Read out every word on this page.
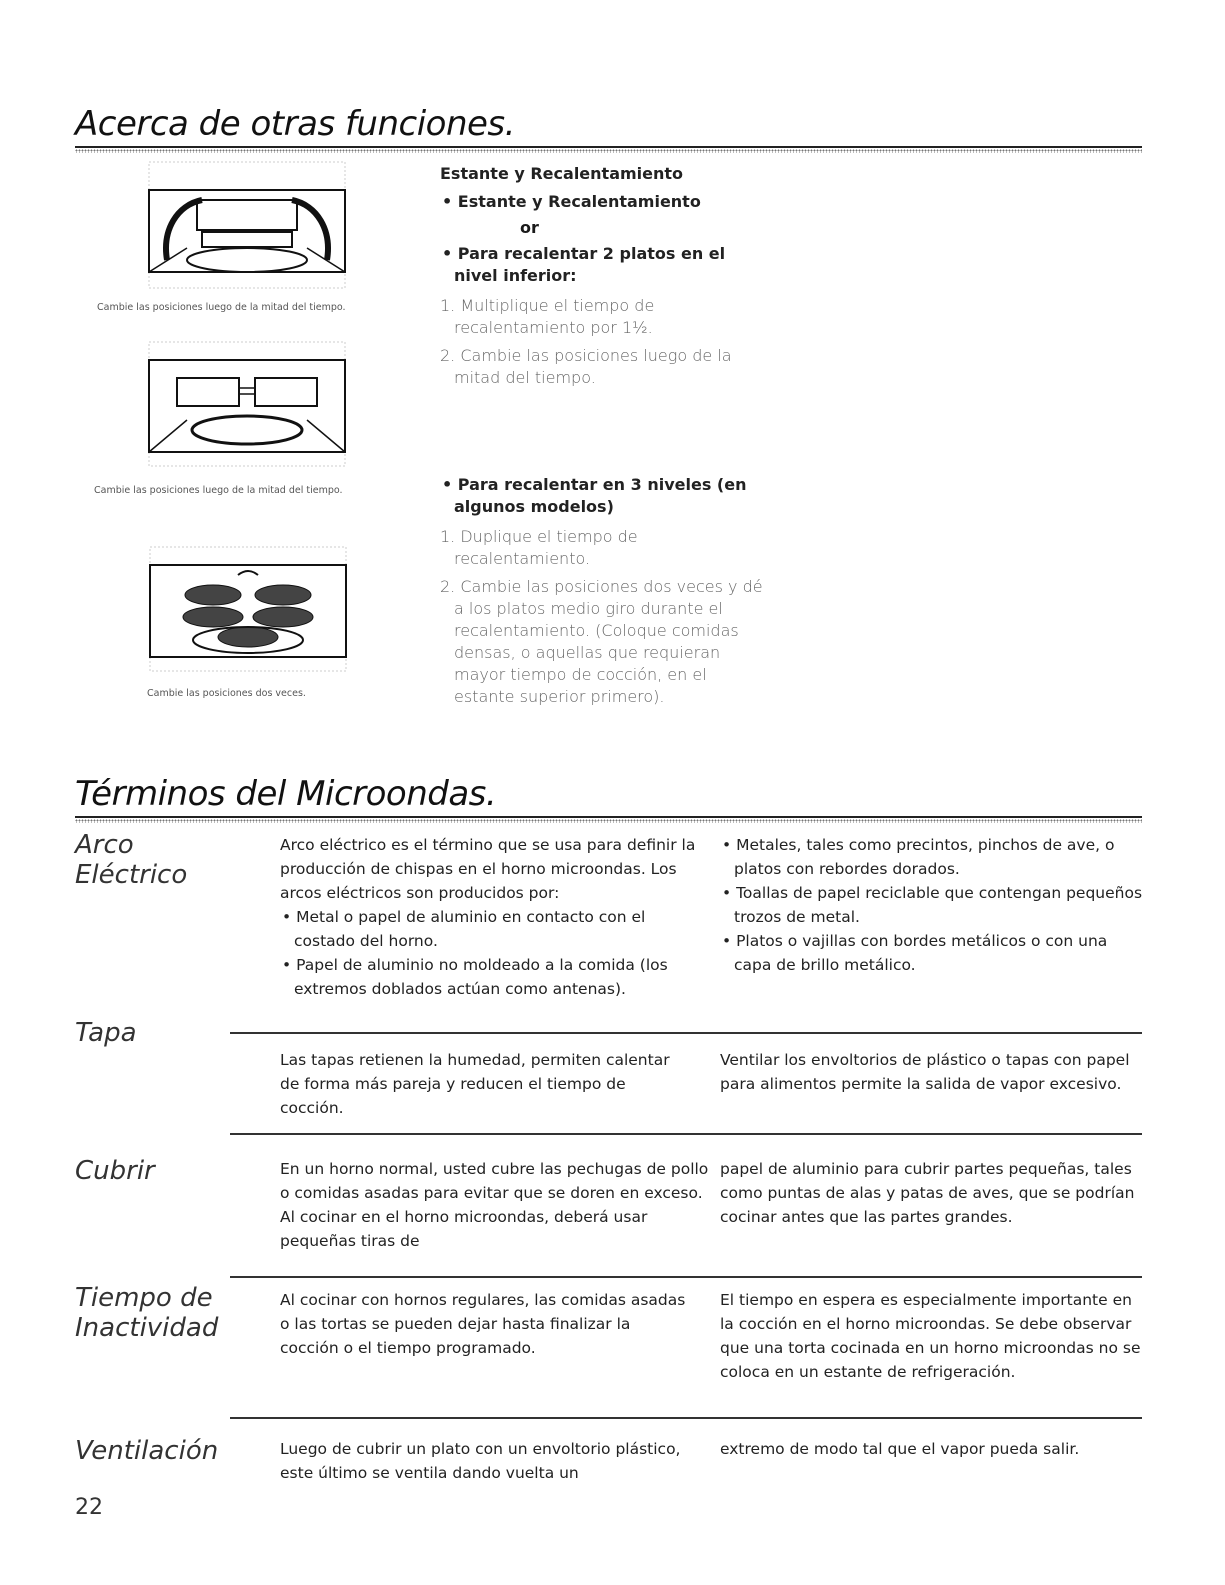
Acerca de otras funciones.
Cambie las posiciones luego de la mitad del tiempo.
Cambie las posiciones luego de la mitad del tiempo.
Cambie las posiciones dos veces.
Estante y Recalentamiento
• Estante y Recalentamiento
or
• Para recalentar 2 platos en el nivel inferior:
1. Multiplique el tiempo de recalentamiento por 1½.
2. Cambie las posiciones luego de la mitad del tiempo.
• Para recalentar en 3 niveles (en algunos modelos)
1. Duplique el tiempo de recalentamiento.
2. Cambie las posiciones dos veces y dé a los platos medio giro durante el recalentamiento. (Coloque comidas densas, o aquellas que requieran mayor tiempo de cocción, en el estante superior primero).
Términos del Microondas.
Arco
Eléctrico
Arco eléctrico es el término que se usa para definir la producción de chispas en el horno microondas. Los arcos eléctricos son producidos por:
• Metal o papel de aluminio en contacto con el costado del horno.
• Papel de aluminio no moldeado a la comida (los extremos doblados actúan como antenas).
• Metales, tales como precintos, pinchos de ave, o platos con rebordes dorados.
• Toallas de papel reciclable que contengan pequeños trozos de metal.
• Platos o vajillas con bordes metálicos o con una capa de brillo metálico.
Tapa
Las tapas retienen la humedad, permiten calentar de forma más pareja y reducen el tiempo de cocción.
Ventilar los envoltorios de plástico o tapas con papel para alimentos permite la salida de vapor excesivo.
Cubrir	En un horno normal, usted cubre las pechugas de pollo o comidas asadas para evitar que se doren en exceso. Al cocinar en el horno microondas, deberá usar pequeñas tiras de
papel de aluminio para cubrir partes pequeñas, tales como puntas de alas y patas de aves, que se podrían cocinar antes que las partes grandes.
Tiempo de
Inactividad
Al cocinar con hornos regulares, las comidas asadas o las tortas se pueden dejar hasta finalizar la cocción o el tiempo programado.
El tiempo en espera es especialmente importante en la cocción en el horno microondas. Se debe observar que una torta cocinada en un horno microondas no se coloca en un estante de refrigeración.
Ventilación	Luego de cubrir un plato con un envoltorio plástico, este último se ventila dando vuelta un
extremo de modo tal que el vapor pueda salir.
22
